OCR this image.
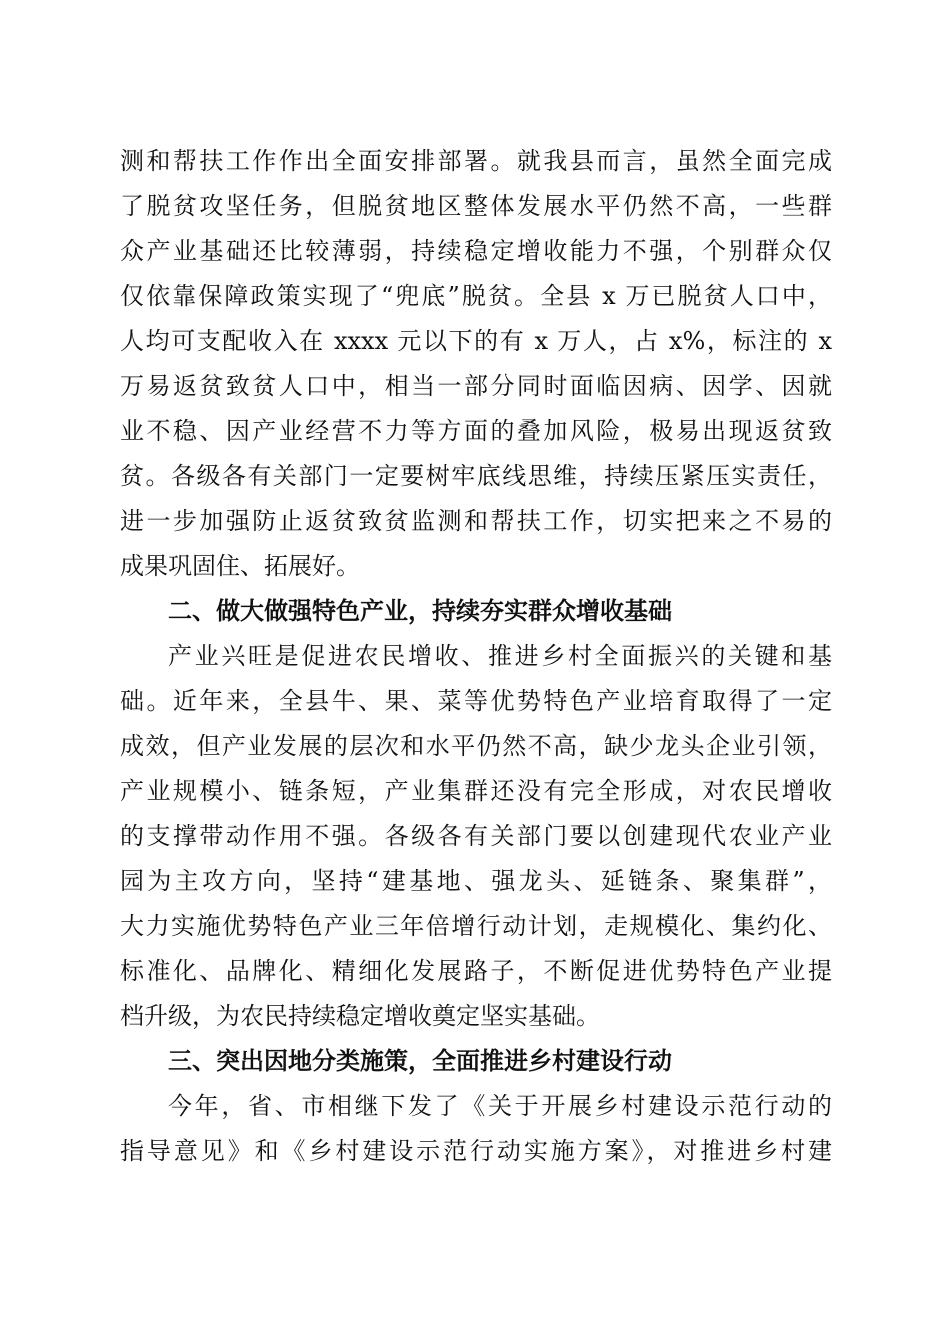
测和帮扶工作作出全面安排部署。就我县而言，虽然全面完成
了脱贫攻坚任务，但脱贫地区整体发展水平仍然不高，一些群
众产业基础还比较薄弱，持续稳定增收能力不强，个别群众仅
仅依靠保障政策实现了“兜底”脱贫。全县 x 万已脱贫人口中，
人均可支配收入在 xxxx 元以下的有 x 万人，占 x%，标注的 x
万易返贫致贫人口中，相当一部分同时面临因病、因学、因就
业不稳、因产业经营不力等方面的叠加风险，极易出现返贫致
贫。各级各有关部门一定要树牢底线思维，持续压紧压实责任，
进一步加强防止返贫致贫监测和帮扶工作，切实把来之不易的
成果巩固住、拓展好。
二、做大做强特色产业，持续夯实群众增收基础
产业兴旺是促进农民增收、推进乡村全面振兴的关键和基
础。近年来，全县牛、果、菜等优势特色产业培育取得了一定
成效，但产业发展的层次和水平仍然不高，缺少龙头企业引领，
产业规模小、链条短，产业集群还没有完全形成，对农民增收
的支撑带动作用不强。各级各有关部门要以创建现代农业产业
园为主攻方向，坚持“建基地、强龙头、延链条、聚集群”，
大力实施优势特色产业三年倍增行动计划，走规模化、集约化、
标准化、品牌化、精细化发展路子，不断促进优势特色产业提
档升级，为农民持续稳定增收奠定坚实基础。
三、突出因地分类施策，全面推进乡村建设行动
今年，省、市相继下发了《关于开展乡村建设示范行动的
指导意见》和《乡村建设示范行动实施方案》，对推进乡村建
